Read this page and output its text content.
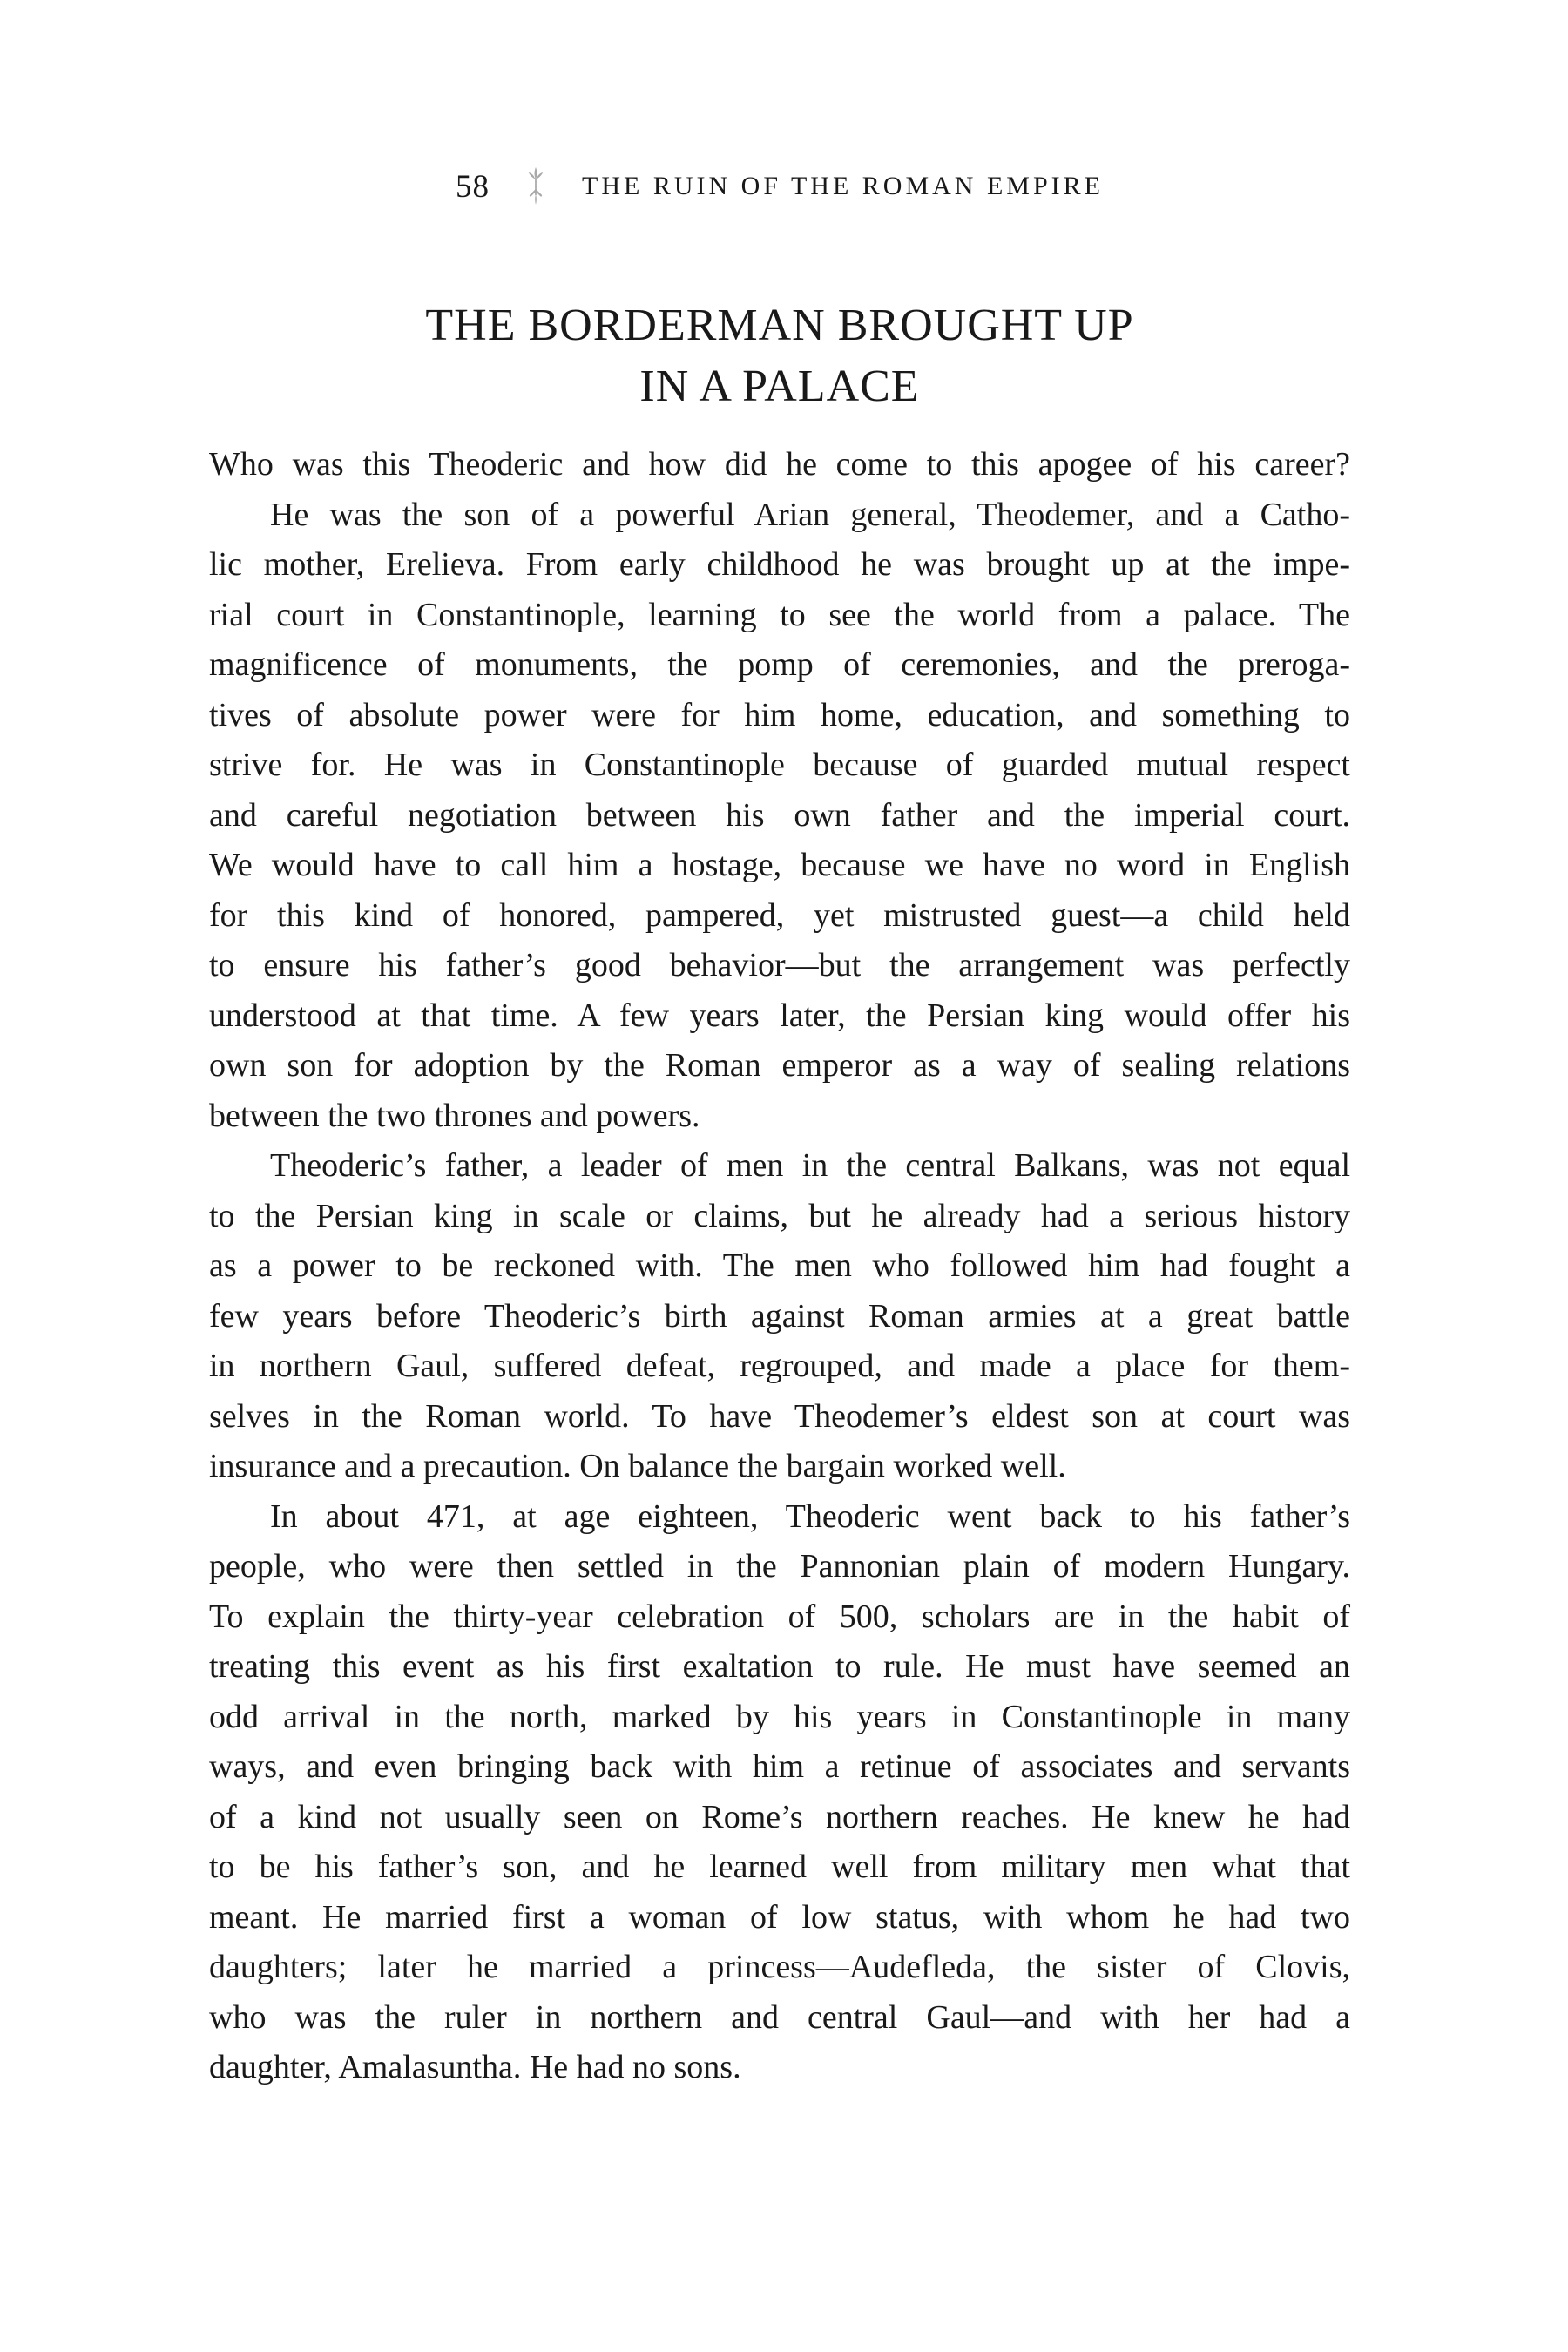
58	THE RUIN OF THE ROMAN EMPIRE
THE BORDERMAN BROUGHT UP
IN A PALACE
Who was this Theoderic and how did he come to this apogee of his career?
He was the son of a powerful Arian general, Theodemer, and a Catho-
lic mother, Erelieva. From early childhood he was brought up at the impe-
rial court in Constantinople, learning to see the world from a palace. The
magnificence of monuments, the pomp of ceremonies, and the preroga-
tives of absolute power were for him home, education, and something to
strive for. He was in Constantinople because of guarded mutual respect
and careful negotiation between his own father and the imperial court.
We would have to call him a hostage, because we have no word in English
for this kind of honored, pampered, yet mistrusted guest—a child held
to ensure his father’s good behavior—but the arrangement was perfectly
understood at that time. A few years later, the Persian king would offer his
own son for adoption by the Roman emperor as a way of sealing relations
between the two thrones and powers.
Theoderic’s father, a leader of men in the central Balkans, was not equal
to the Persian king in scale or claims, but he already had a serious history
as a power to be reckoned with. The men who followed him had fought a
few years before Theoderic’s birth against Roman armies at a great battle
in northern Gaul, suffered defeat, regrouped, and made a place for them-
selves in the Roman world. To have Theodemer’s eldest son at court was
insurance and a precaution. On balance the bargain worked well.
In about 471, at age eighteen, Theoderic went back to his father’s
people, who were then settled in the Pannonian plain of modern Hungary.
To explain the thirty-year celebration of 500, scholars are in the habit of
treating this event as his first exaltation to rule. He must have seemed an
odd arrival in the north, marked by his years in Constantinople in many
ways, and even bringing back with him a retinue of associates and servants
of a kind not usually seen on Rome’s northern reaches. He knew he had
to be his father’s son, and he learned well from military men what that
meant. He married first a woman of low status, with whom he had two
daughters; later he married a princess—Audefleda, the sister of Clovis,
who was the ruler in northern and central Gaul—and with her had a
daughter, Amalasuntha. He had no sons.
